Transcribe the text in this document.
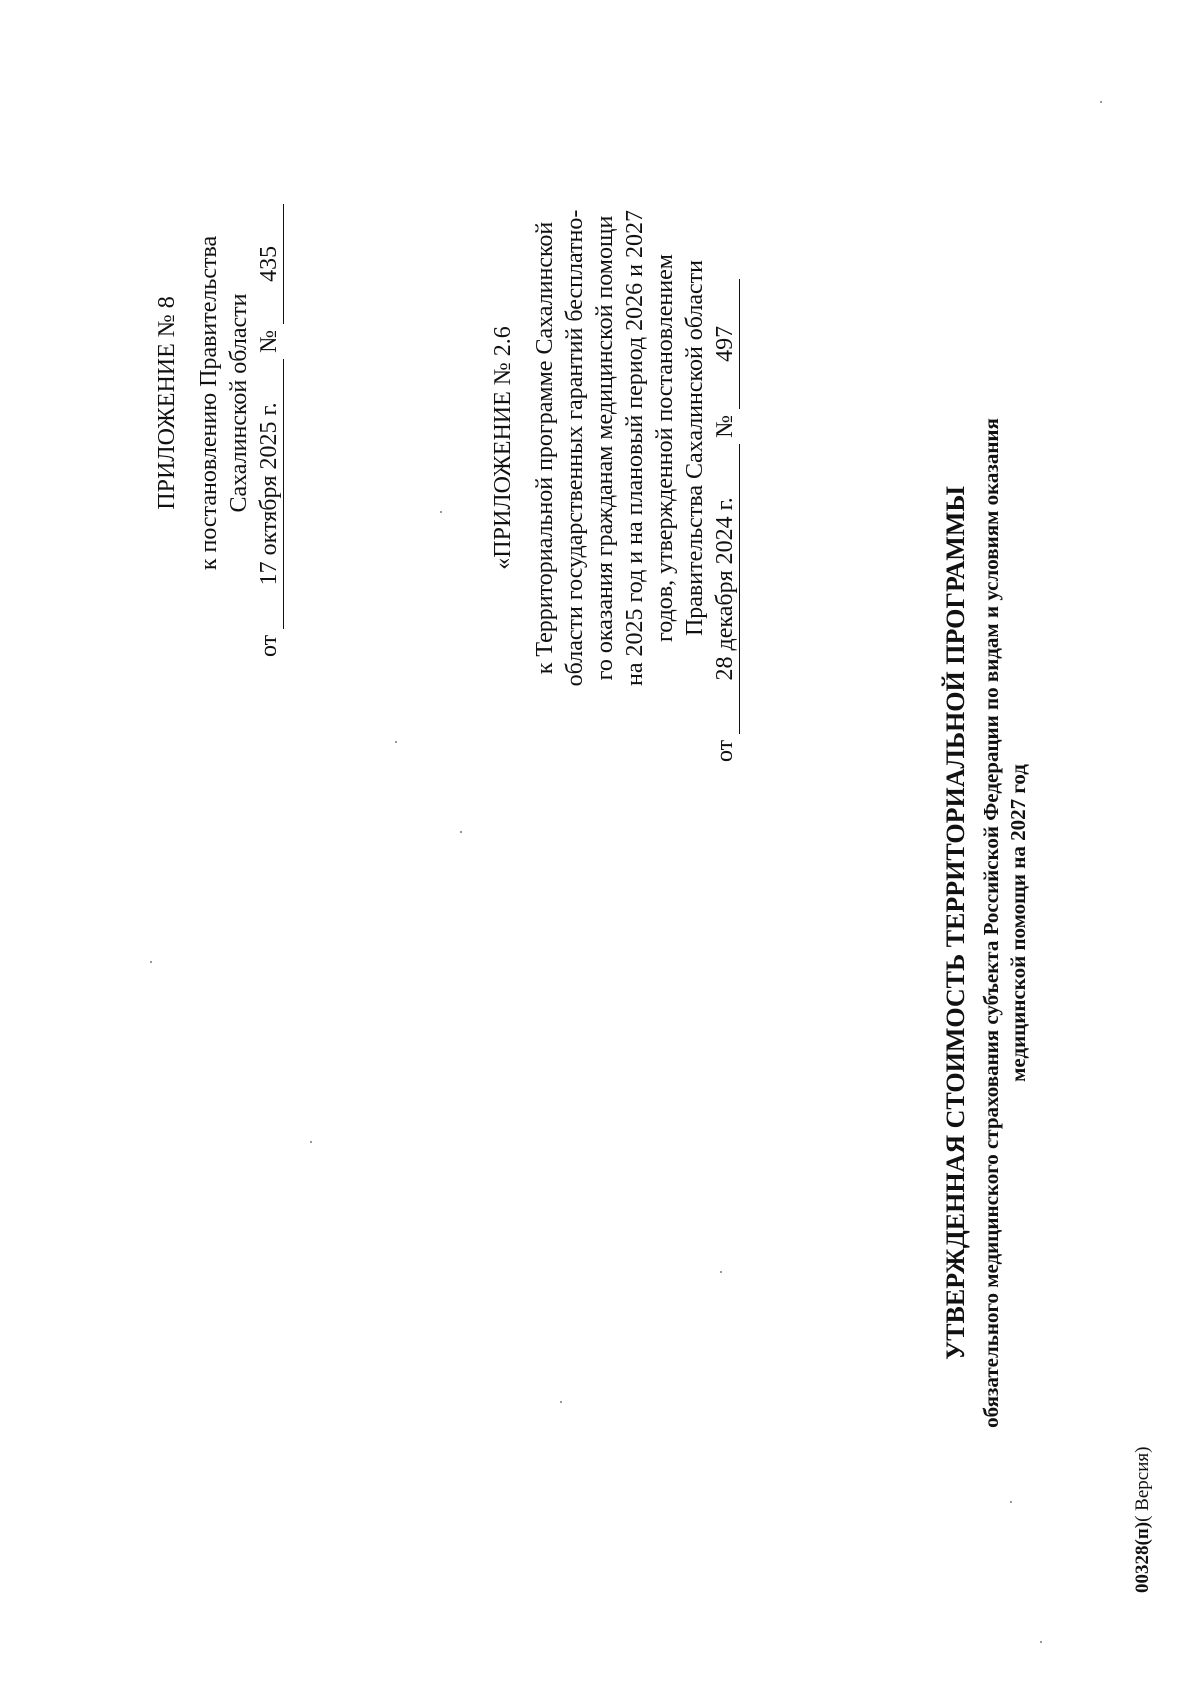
ПРИЛОЖЕНИЕ № 8 к постановлению Правительства Сахалинской области
от
17 октября 2025 г.
№
435
«ПРИЛОЖЕНИЕ № 2.6 к Территориальной программе Сахалинской области государственных гарантий бесплатно- го оказания гражданам медицинской помощи на 2025 год и на плановый период 2026 и 2027 годов, утвержденной постановлением Правительства Сахалинской области
от
28 декабря 2024 г.
№
497
УТВЕРЖДЕННАЯ СТОИМОСТЬ ТЕРРИТОРИАЛЬНОЙ ПРОГРАММЫ обязательного медицинского страхования субъекта Российской Федерации по видам и условиям оказания медицинской помощи на 2027 год
00328(п)( Версия)
